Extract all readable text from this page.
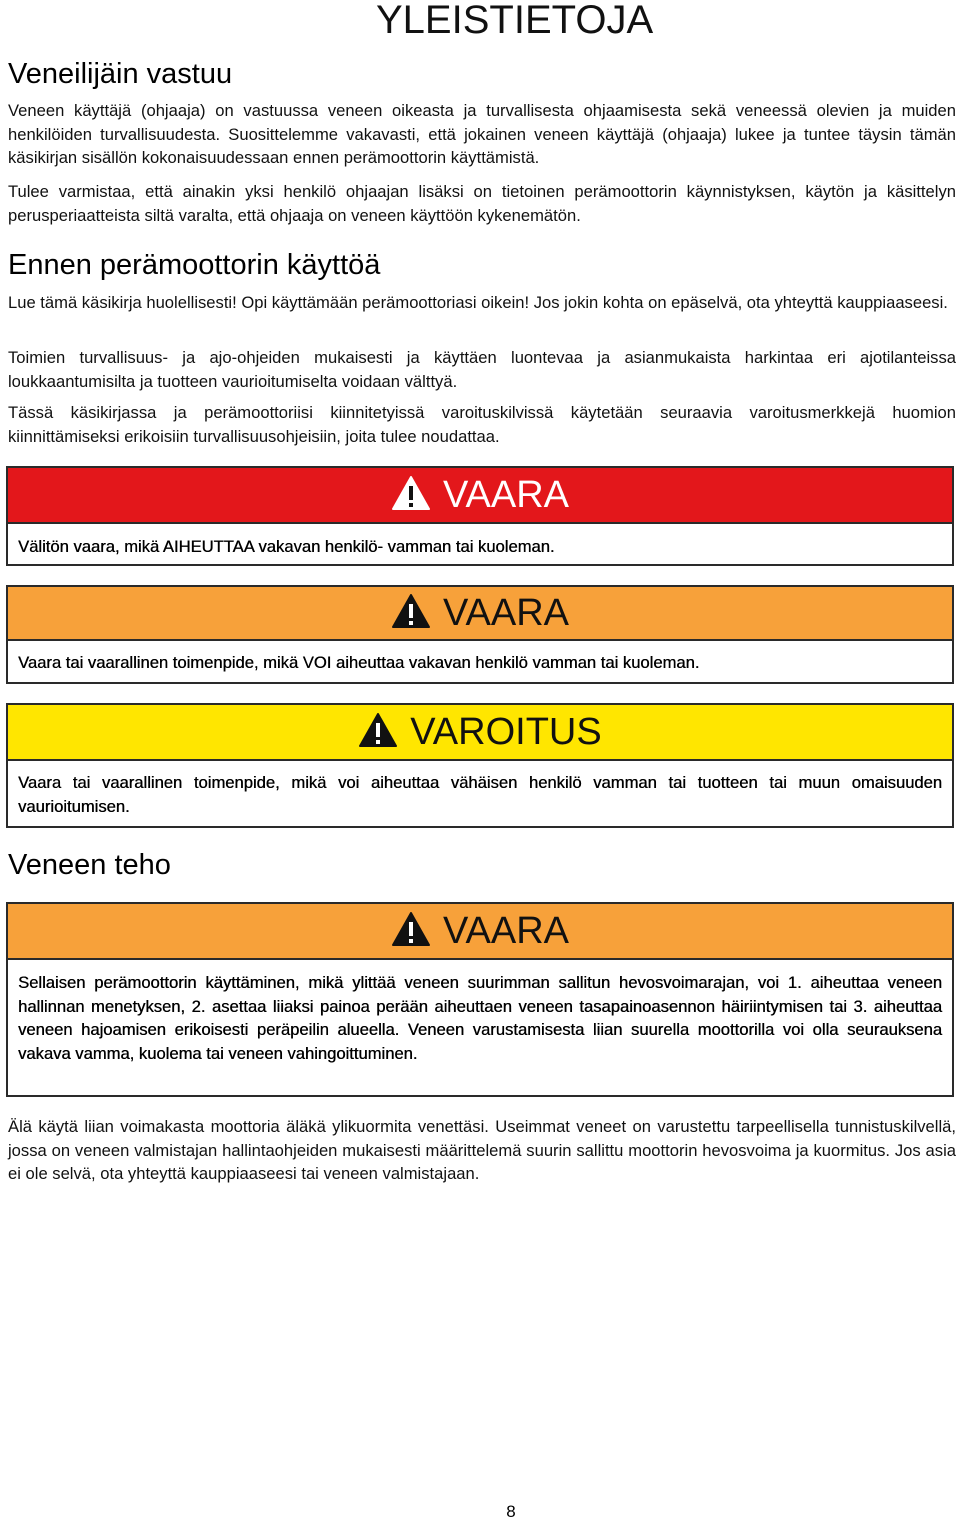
YLEISTIETOJA
Veneilijäin vastuu

Veneen käyttäjä (ohjaaja) on vastuussa veneen oikeasta ja turvallisesta ohjaamisesta sekä veneessä olevien ja muiden henkilöiden turvallisuudesta. Suosittelemme vakavasti, että jokainen veneen käyttäjä (ohjaaja) lukee ja tuntee täysin tämän käsikirjan sisällön kokonaisuudessaan ennen perämoottorin käyttämistä.

Tulee varmistaa, että ainakin yksi henkilö ohjaajan lisäksi on tietoinen perämoottorin käynnistyksen, käytön ja käsittelyn perusperiaatteista siltä varalta, että ohjaaja on veneen käyttöön kykenemätön.

Ennen perämoottorin käyttöä

Lue tämä käsikirja huolellisesti! Opi käyttämään perämoottoriasi oikein! Jos jokin kohta on epäselvä, ota yhteyttä kauppiaaseesi.

Toimien turvallisuus- ja ajo-ohjeiden mukaisesti ja käyttäen luontevaa ja asianmukaista harkintaa eri ajotilanteissa loukkaantumisilta ja tuotteen vaurioitumiselta voidaan välttyä.

Tässä käsikirjassa ja perämoottoriisi kiinnitetyissä varoituskilvissä käytetään seuraavia varoitusmerkkejä huomion kiinnittämiseksi erikoisiin turvallisuusohjeisiin, joita tulee noudattaa.

VAARA
Välitön vaara, mikä AIHEUTTAA vakavan henkilö- vamman tai kuoleman.
VAARA
Vaara tai vaarallinen toimenpide, mikä VOI aiheuttaa vakavan henkilö vamman tai kuoleman.
VAROITUS
Vaara tai vaarallinen toimenpide, mikä voi aiheuttaa vähäisen henkilö vamman tai tuotteen tai muun omaisuuden vaurioitumisen.
Veneen teho
VAARA
Sellaisen perämoottorin käyttäminen, mikä ylittää veneen suurimman sallitun hevosvoimarajan, voi 1. aiheuttaa veneen hallinnan menetyksen, 2. asettaa liiaksi painoa perään aiheuttaen veneen tasapainoasennon häiriintymisen tai 3. aiheuttaa veneen hajoamisen erikoisesti peräpeilin alueella. Veneen varustamisesta liian suurella moottorilla voi olla seurauksena vakava vamma, kuolema tai veneen vahingoittuminen.

Älä käytä liian voimakasta moottoria äläkä ylikuormita venettäsi. Useimmat veneet on varustettu tarpeellisella tunnistuskilvellä, jossa on veneen valmistajan hallintaohjeiden mukaisesti määrittelemä suurin sallittu moottorin hevosvoima ja kuormitus. Jos asia ei ole selvä, ota yhteyttä kauppiaaseesi tai veneen valmistajaan.

8
